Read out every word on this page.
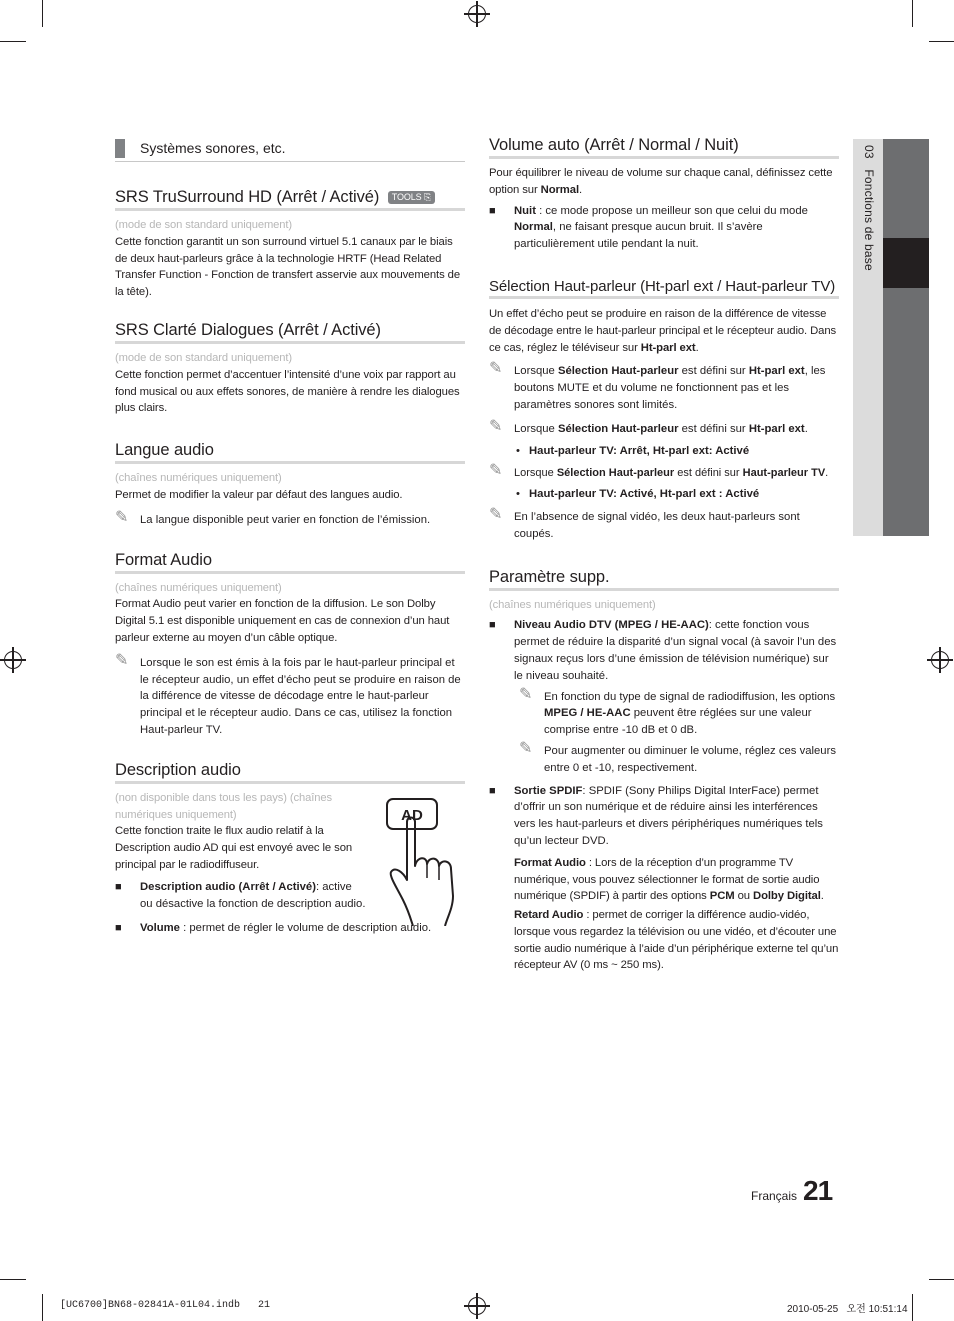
03   Fonctions de base
Systèmes sonores, etc.
SRS TruSurround HD (Arrêt / Activé) TOOLS ⎘

(mode de son standard uniquement)

Cette fonction garantit un son surround virtuel 5.1 canaux par le biais de deux haut-parleurs grâce à la technologie HRTF (Head Related Transfer Function - Fonction de transfert asservie aux mouvements de la tête).

SRS Clarté Dialogues (Arrêt / Activé)

(mode de son standard uniquement)

Cette fonction permet d’accentuer l’intensité d’une voix par rapport au fond musical ou aux effets sonores, de manière à rendre les dialogues plus clairs.

Langue audio

(chaînes numériques uniquement)

Permet de modifier la valeur par défaut des langues audio.

✎ La langue disponible peut varier en fonction de l’émission.
Format Audio

(chaînes numériques uniquement)

Format Audio peut varier en fonction de la diffusion. Le son Dolby Digital 5.1 est disponible uniquement en cas de connexion d’un haut parleur externe au moyen d’un câble optique.

✎ Lorsque le son est émis à la fois par le haut-parleur principal et le récepteur audio, un effet d’écho peut se produire en raison de la différence de vitesse de décodage entre le haut-parleur principal et le récepteur audio. Dans ce cas, utilisez la fonction Haut-parleur TV.
Description audio

(non disponible dans tous les pays) (chaînes numériques uniquement)

Cette fonction traite le flux audio relatif à la Description audio AD qui est envoyé avec le son principal par le radiodiffuseur.

■ Description audio (Arrêt / Activé): active ou désactive la fonction de description audio.
AD
■ Volume : permet de régler le volume de description audio.
Volume auto (Arrêt / Normal / Nuit)

Pour équilibrer le niveau de volume sur chaque canal, définissez cette option sur Normal.

■ Nuit : ce mode propose un meilleur son que celui du mode Normal, ne faisant presque aucun bruit. Il s’avère particulièrement utile pendant la nuit.
Sélection Haut-parleur (Ht-parl ext / Haut-parleur TV)

Un effet d’écho peut se produire en raison de la différence de vitesse de décodage entre le haut-parleur principal et le récepteur audio. Dans ce cas, réglez le téléviseur sur Ht-parl ext.

✎ Lorsque Sélection Haut-parleur est défini sur Ht-parl ext, les boutons MUTE et du volume ne fonctionnent pas et les paramètres sonores sont limités.
✎ Lorsque Sélection Haut-parleur est défini sur Ht-parl ext.
• Haut-parleur TV: Arrêt, Ht-parl ext: Activé
✎ Lorsque Sélection Haut-parleur est défini sur Haut-parleur TV.
• Haut-parleur TV: Activé, Ht-parl ext : Activé
✎ En l’absence de signal vidéo, les deux haut-parleurs sont coupés.
Paramètre supp.

(chaînes numériques uniquement)

■ Niveau Audio DTV (MPEG / HE-AAC): cette fonction vous permet de réduire la disparité d’un signal vocal (à savoir l’un des signaux reçus lors d’une émission de télévision numérique) sur le niveau souhaité.
✎ En fonction du type de signal de radiodiffusion, les options MPEG / HE-AAC peuvent être réglées sur une valeur comprise entre -10 dB et 0 dB.
✎ Pour augmenter ou diminuer le volume, réglez ces valeurs entre 0 et -10, respectivement.
■ Sortie SPDIF: SPDIF (Sony Philips Digital InterFace) permet d’offrir un son numérique et de réduire ainsi les interférences vers les haut-parleurs et divers périphériques numériques tels qu’un lecteur DVD.

Format Audio : Lors de la réception d’un programme TV numérique, vous pouvez sélectionner le format de sortie audio numérique (SPDIF) à partir des options PCM ou Dolby Digital.

Retard Audio : permet de corriger la différence audio-vidéo, lorsque vous regardez la télévision ou une vidéo, et d’écouter une sortie audio numérique à l’aide d’un périphérique externe tel qu’un récepteur AV (0 ms ~ 250 ms).

Français 21
[UC6700]BN68-02841A-01L04.indb   21	2010-05-25   오전 10:51:14
